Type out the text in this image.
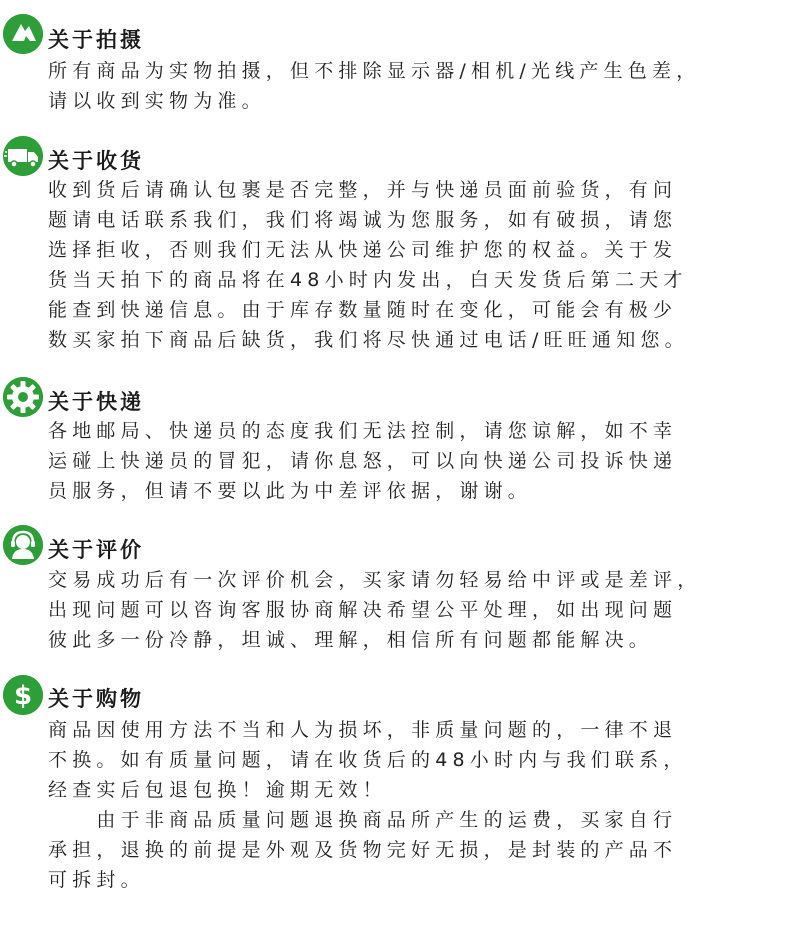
关于拍摄
所有商品为实物拍摄，但不排除显示器/相机/光线产生色差，
请以收到实物为准。
关于收货
收到货后请确认包裹是否完整，并与快递员面前验货，有问
题请电话联系我们，我们将竭诚为您服务，如有破损，请您
选择拒收，否则我们无法从快递公司维护您的权益。关于发
货当天拍下的商品将在48小时内发出，白天发货后第二天才
能查到快递信息。由于库存数量随时在变化，可能会有极少
数买家拍下商品后缺货，我们将尽快通过电话/旺旺通知您。
关于快递
各地邮局、快递员的态度我们无法控制，请您谅解，如不幸
运碰上快递员的冒犯，请你息怒，可以向快递公司投诉快递
员服务，但请不要以此为中差评依据，谢谢。
关于评价
交易成功后有一次评价机会，买家请勿轻易给中评或是差评，
出现问题可以咨询客服协商解决希望公平处理，如出现问题
彼此多一份冷静，坦诚、理解，相信所有问题都能解决。
$ 关于购物
商品因使用方法不当和人为损坏，非质量问题的，一律不退
不换。如有质量问题，请在收货后的48小时内与我们联系，
经查实后包退包换！逾期无效！
　　由于非商品质量问题退换商品所产生的运费，买家自行
承担，退换的前提是外观及货物完好无损，是封装的产品不
可拆封。
